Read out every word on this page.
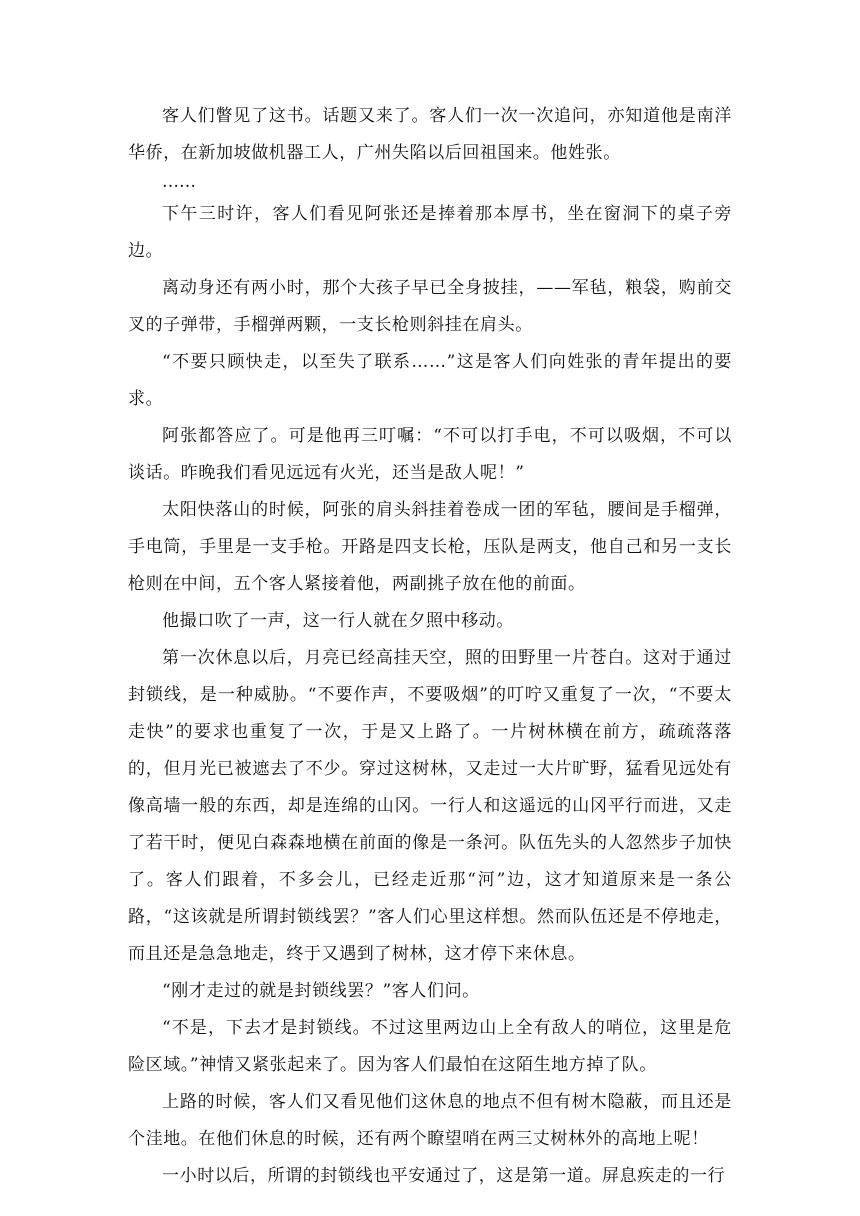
客人们瞥见了这书。话题又来了。客人们一次一次追问，亦知道他是南洋华侨，在新加坡做机器工人，广州失陷以后回祖国来。他姓张。

……

下午三时许，客人们看见阿张还是捧着那本厚书，坐在窗洞下的桌子旁边。

离动身还有两小时，那个大孩子早已全身披挂，——军毡，粮袋，购前交叉的子弹带，手榴弹两颗，一支长枪则斜挂在肩头。

“不要只顾快走，以至失了联系……”这是客人们向姓张的青年提出的要求。

阿张都答应了。可是他再三叮嘱：“不可以打手电，不可以吸烟，不可以谈话。昨晚我们看见远远有火光，还当是敌人呢！”

太阳快落山的时候，阿张的肩头斜挂着卷成一团的军毡，腰间是手榴弹，手电筒，手里是一支手枪。开路是四支长枪，压队是两支，他自己和另一支长枪则在中间，五个客人紧接着他，两副挑子放在他的前面。

他撮口吹了一声，这一行人就在夕照中移动。

第一次休息以后，月亮已经高挂天空，照的田野里一片苍白。这对于通过封锁线，是一种威胁。“不要作声，不要吸烟”的叮咛又重复了一次，“不要太走快”的要求也重复了一次，于是又上路了。一片树林横在前方，疏疏落落的，但月光已被遮去了不少。穿过这树林，又走过一大片旷野，猛看见远处有像高墙一般的东西，却是连绵的山冈。一行人和这遥远的山冈平行而进，又走了若干时，便见白森森地横在前面的像是一条河。队伍先头的人忽然步子加快了。客人们跟着，不多会儿，已经走近那“河”边，这才知道原来是一条公路，“这该就是所谓封锁线罢？”客人们心里这样想。然而队伍还是不停地走，而且还是急急地走，终于又遇到了树林，这才停下来休息。

“刚才走过的就是封锁线罢？”客人们问。

“不是，下去才是封锁线。不过这里两边山上全有敌人的哨位，这里是危险区域。”神情又紧张起来了。因为客人们最怕在这陌生地方掉了队。

上路的时候，客人们又看见他们这休息的地点不但有树木隐蔽，而且还是个洼地。在他们休息的时候，还有两个瞭望哨在两三丈树林外的高地上呢！

一小时以后，所谓的封锁线也平安通过了，这是第一道。屏息疾走的一行
